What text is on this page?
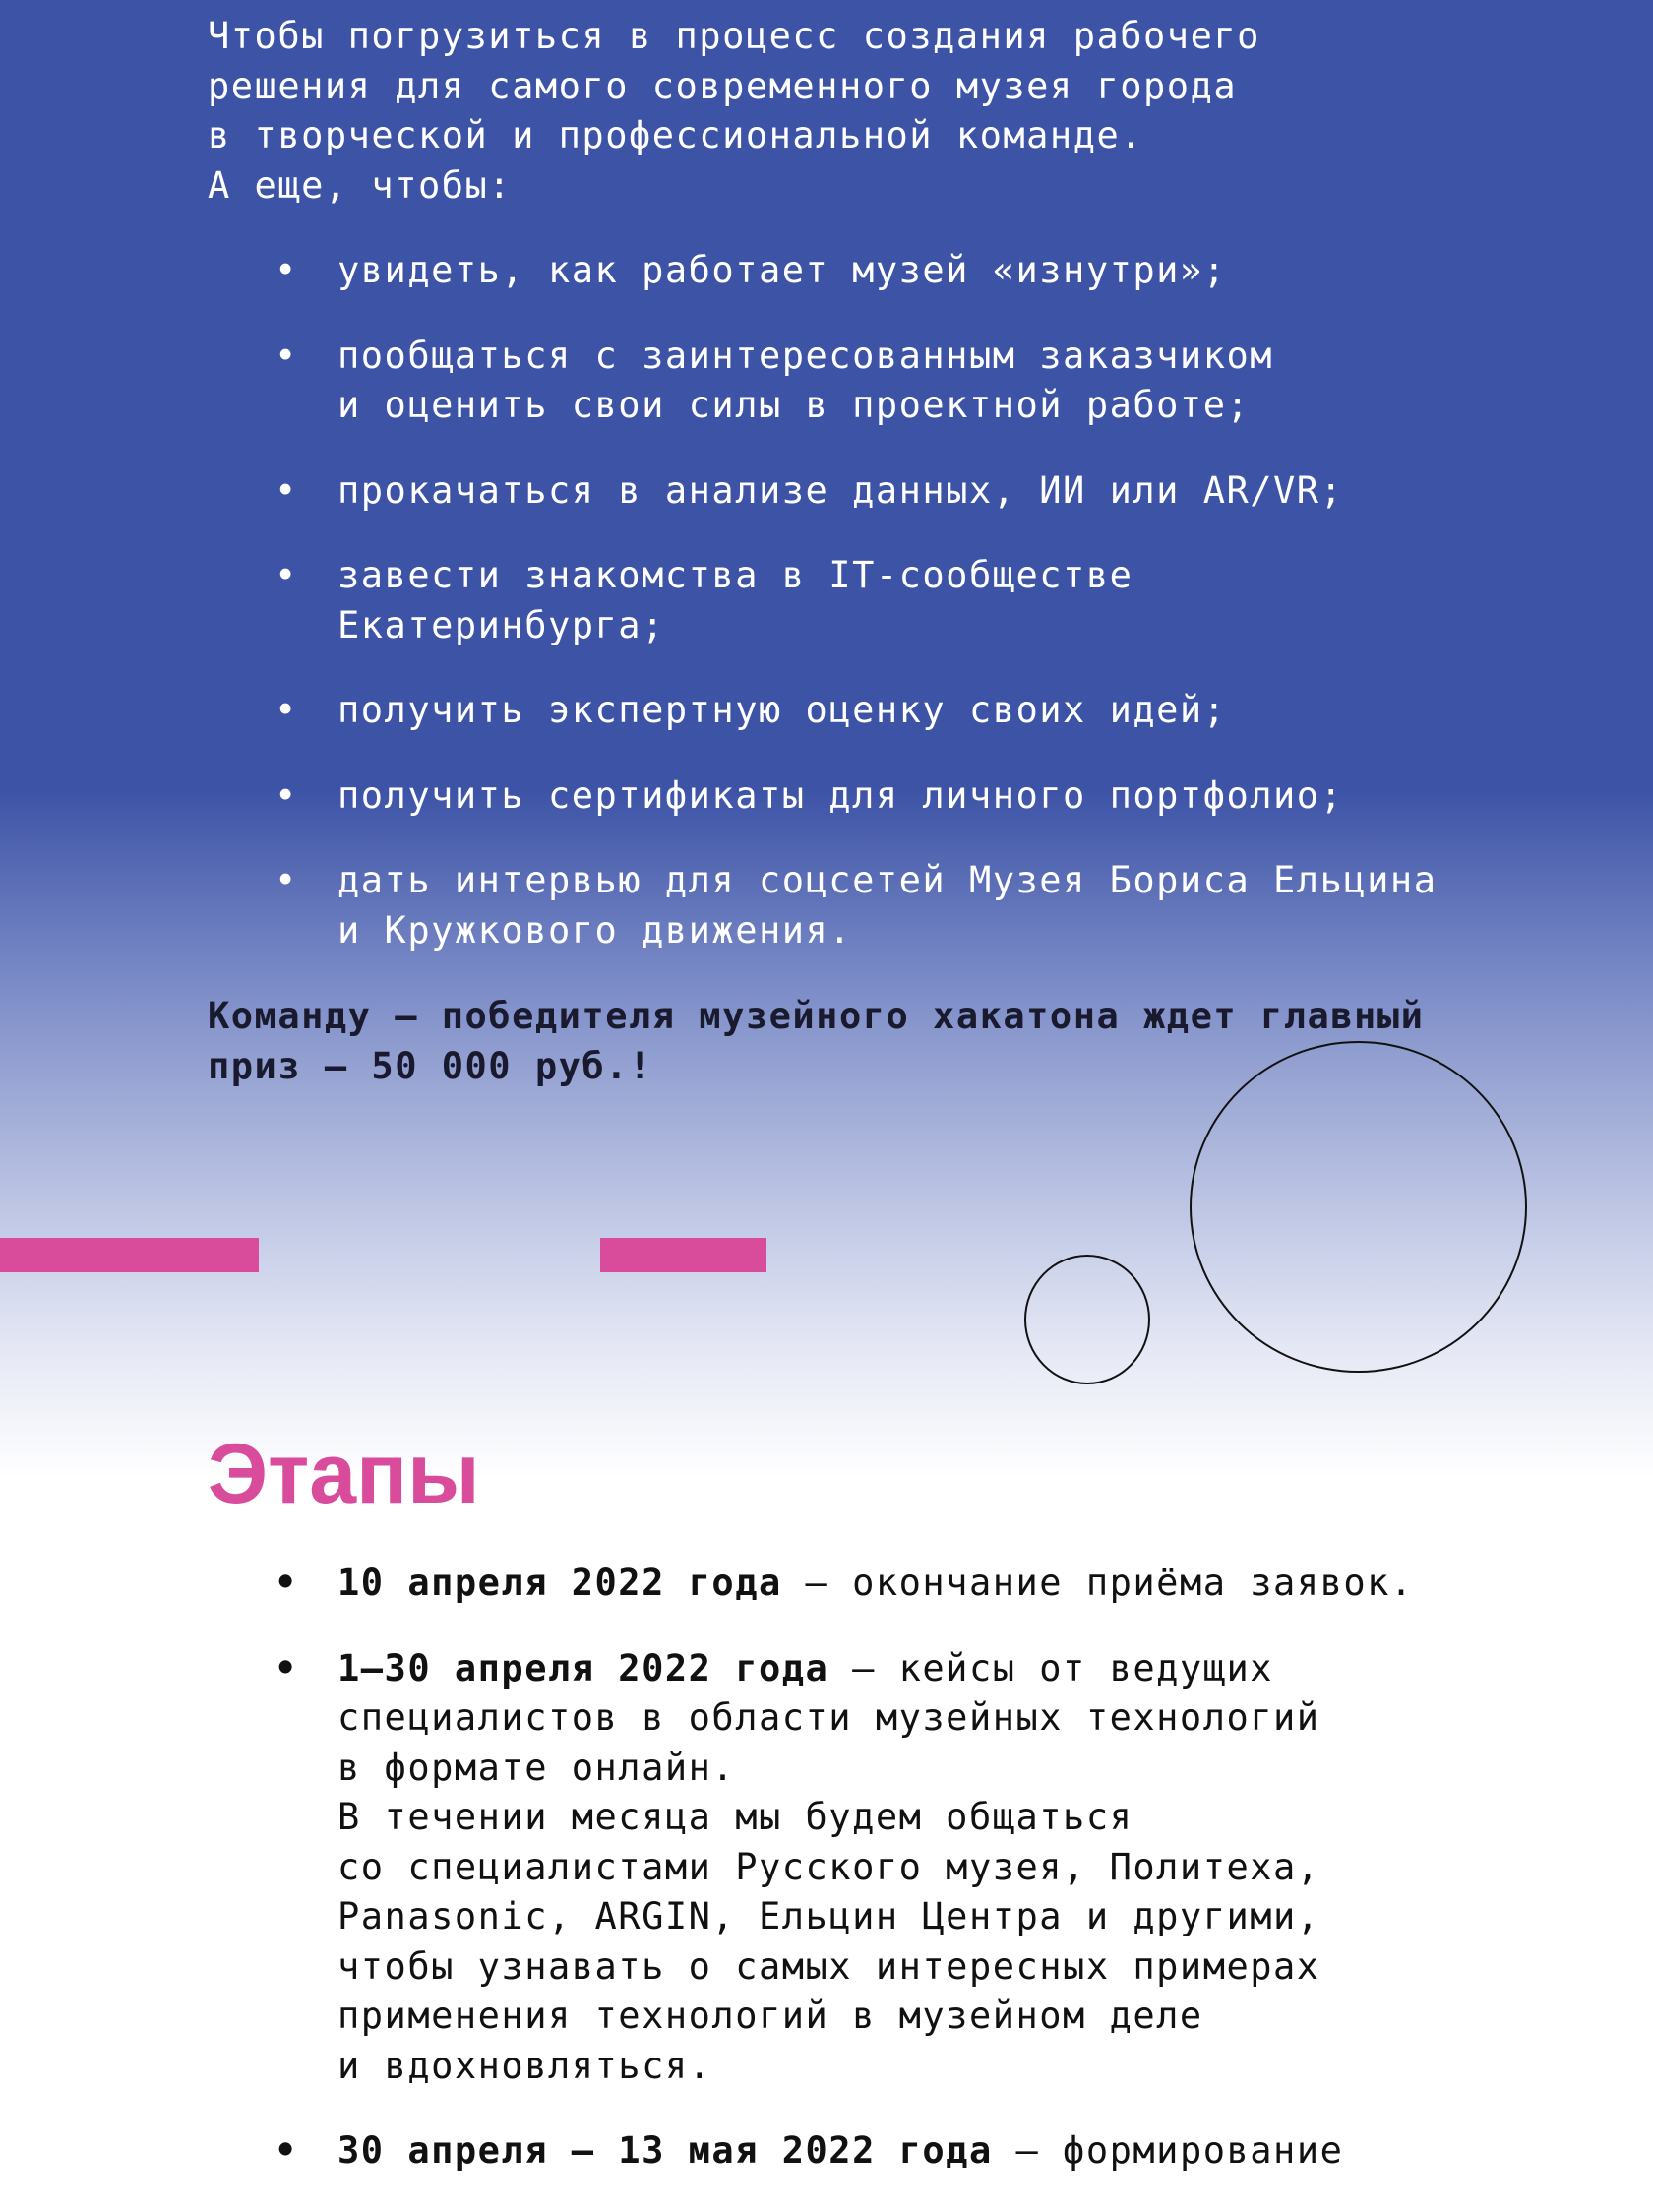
Чтобы погрузиться в процесс создания рабочего
решения для самого современного музея города
в творческой и профессиональной команде.
А еще, чтобы:

• увидеть, как работает музей «изнутри»;
• пообщаться с заинтересованным заказчиком
и оценить свои силы в проектной работе;
• прокачаться в анализе данных, ИИ или AR/VR;
• завести знакомства в IT-сообществе
Екатеринбурга;
• получить экспертную оценку своих идей;
• получить сертификаты для личного портфолио;
• дать интервью для соцсетей Музея Бориса Ельцина
и Кружкового движения.

Команду — победителя музейного хакатона ждет главный
приз — 50 000 руб.!

Этапы
• 10 апреля 2022 года — окончание приёма заявок.
• 1–30 апреля 2022 года — кейсы от ведущих
специалистов в области музейных технологий
в формате онлайн.
В течении месяца мы будем общаться
со специалистами Русского музея, Политеха,
Panasonic, ARGIN, Ельцин Центра и другими,
чтобы узнавать о самых интересных примерах
применения технологий в музейном деле
и вдохновляться.
• 30 апреля — 13 мая 2022 года — формирование
